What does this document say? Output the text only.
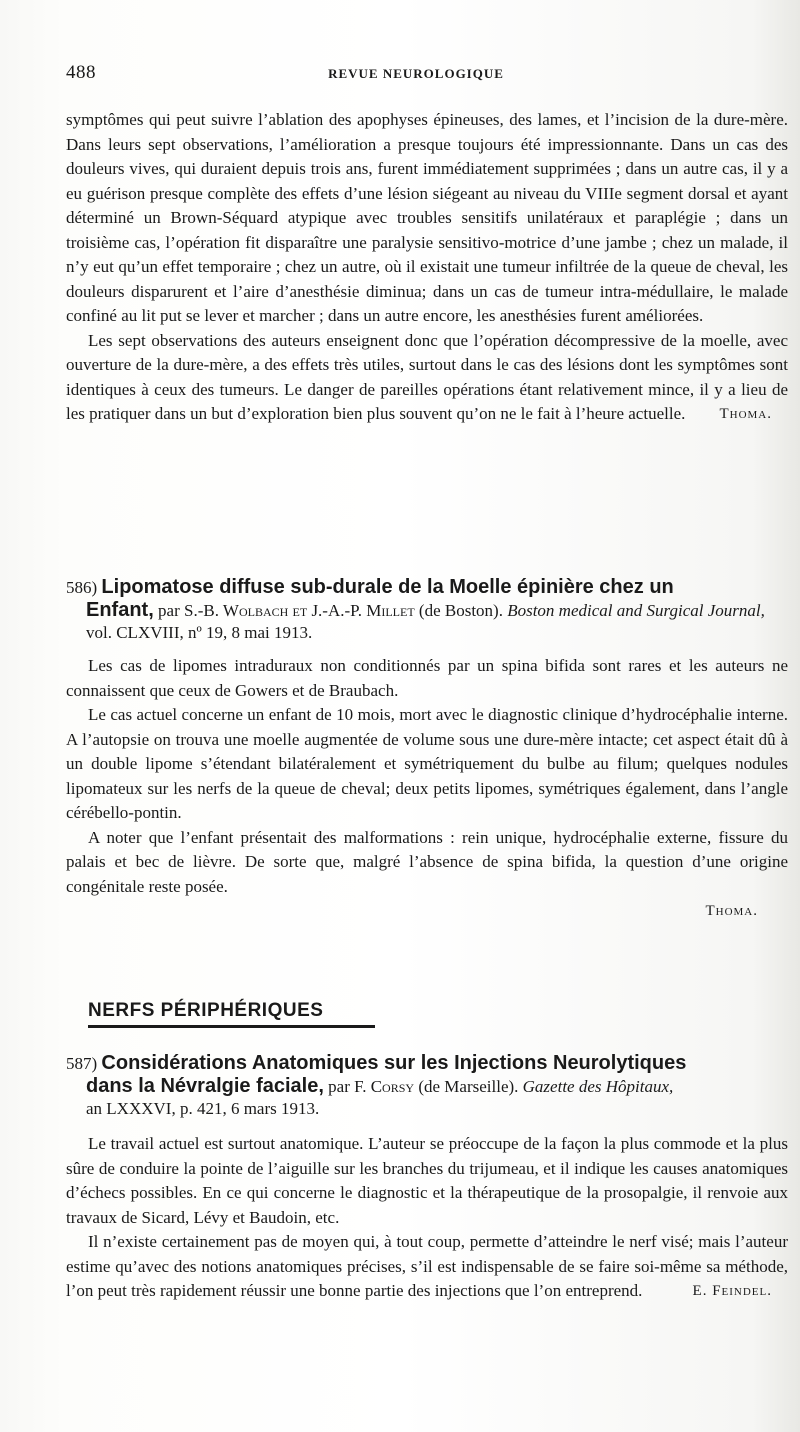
488	REVUE NEUROLOGIQUE

symptômes qui peut suivre l’ablation des apophyses épineuses, des lames, et l’incision de la dure-mère. Dans leurs sept observations, l’amélioration a presque toujours été impressionnante. Dans un cas des douleurs vives, qui duraient depuis trois ans, furent immédiatement supprimées ; dans un autre cas, il y a eu guérison presque complète des effets d’une lésion siégeant au niveau du VIIIe segment dorsal et ayant déterminé un Brown-Séquard atypique avec troubles sensitifs unilatéraux et paraplégie ; dans un troisième cas, l’opération fit disparaître une paralysie sensitivo-motrice d’une jambe ; chez un malade, il n’y eut qu’un effet temporaire ; chez un autre, où il existait une tumeur infiltrée de la queue de cheval, les douleurs disparurent et l’aire d’anesthésie diminua; dans un cas de tumeur intra-médullaire, le malade confiné au lit put se lever et marcher ; dans un autre encore, les anesthésies furent améliorées.

Les sept observations des auteurs enseignent donc que l’opération décompressive de la moelle, avec ouverture de la dure-mère, a des effets très utiles, surtout dans le cas des lésions dont les symptômes sont identiques à ceux des tumeurs. Le danger de pareilles opérations étant relativement mince, il y a lieu de les pratiquer dans un but d’exploration bien plus souvent qu’on ne le fait à l’heure actuelle.	Thoma.

586) Lipomatose diffuse sub-durale de la Moelle épinière chez un
Enfant, par S.-B. Wolbach et J.-A.-P. Millet (de Boston). Boston medical and Surgical Journal,
vol. CLXVIII, nº 19, 8 mai 1913.

Les cas de lipomes intraduraux non conditionnés par un spina bifida sont rares et les auteurs ne connaissent que ceux de Gowers et de Braubach.

Le cas actuel concerne un enfant de 10 mois, mort avec le diagnostic clinique d’hydrocéphalie interne. A l’autopsie on trouva une moelle augmentée de volume sous une dure-mère intacte; cet aspect était dû à un double lipome s’étendant bilatéralement et symétriquement du bulbe au filum; quelques nodules lipomateux sur les nerfs de la queue de cheval; deux petits lipomes, symétriques également, dans l’angle cérébello-pontin.

A noter que l’enfant présentait des malformations : rein unique, hydrocéphalie externe, fissure du palais et bec de lièvre. De sorte que, malgré l’absence de spina bifida, la question d’une origine congénitale reste posée.

Thoma.
NERFS PÉRIPHÉRIQUES
587) Considérations Anatomiques sur les Injections Neurolytiques
dans la Névralgie faciale, par F. Corsy (de Marseille). Gazette des Hôpitaux,
an LXXXVI, p. 421, 6 mars 1913.

Le travail actuel est surtout anatomique. L’auteur se préoccupe de la façon la plus commode et la plus sûre de conduire la pointe de l’aiguille sur les branches du trijumeau, et il indique les causes anatomiques d’échecs possibles. En ce qui concerne le diagnostic et la thérapeutique de la prosopalgie, il renvoie aux travaux de Sicard, Lévy et Baudoin, etc.

Il n’existe certainement pas de moyen qui, à tout coup, permette d’atteindre le nerf visé; mais l’auteur estime qu’avec des notions anatomiques précises, s’il est indispensable de se faire soi-même sa méthode, l’on peut très rapidement réussir une bonne partie des injections que l’on entreprend.	E. Feindel.
